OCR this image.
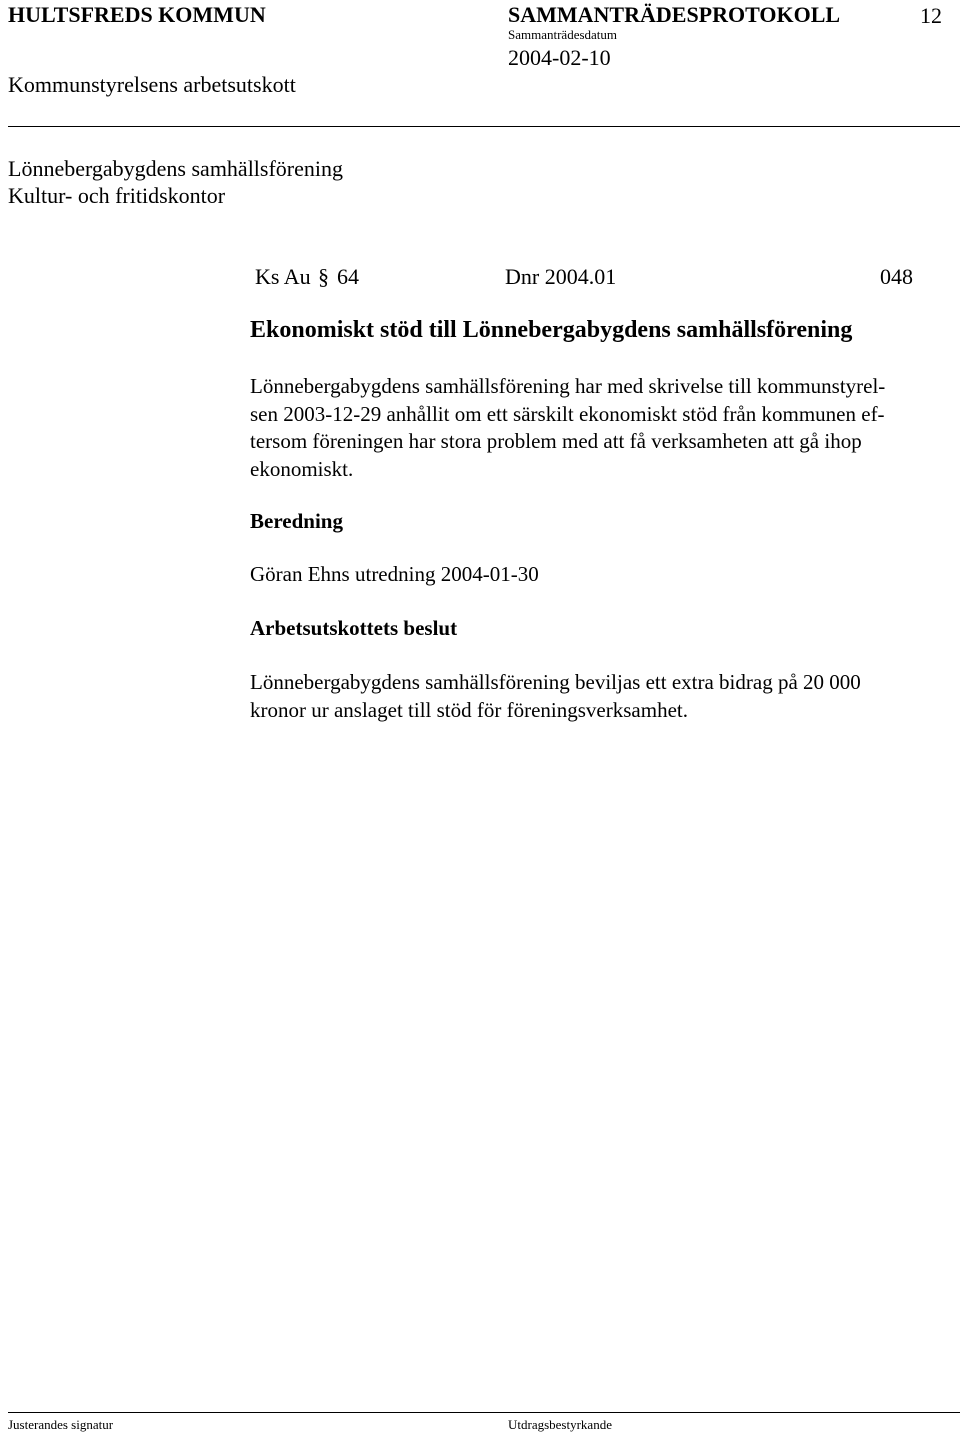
HULTSFREDS KOMMUN	SAMMANTRÄDESPROTOKOLL	12
Sammanträdesdatum
2004-02-10
Kommunstyrelsens arbetsutskott
Lönnebergabygdens samhällsförening
Kultur- och fritidskontor
Ks Au § 64	Dnr 2004.01	048
Ekonomiskt stöd till Lönnebergabygdens samhällsförening
Lönnebergabygdens samhällsförening har med skrivelse till kommunstyrel-
sen 2003-12-29 anhållit om ett särskilt ekonomiskt stöd från kommunen ef-
tersom föreningen har stora problem med att få verksamheten att gå ihop
ekonomiskt.
Beredning
Göran Ehns utredning 2004-01-30
Arbetsutskottets beslut
Lönnebergabygdens samhällsförening beviljas ett extra bidrag på 20 000
kronor ur anslaget till stöd för föreningsverksamhet.
Justerandes signatur	Utdragsbestyrkande
